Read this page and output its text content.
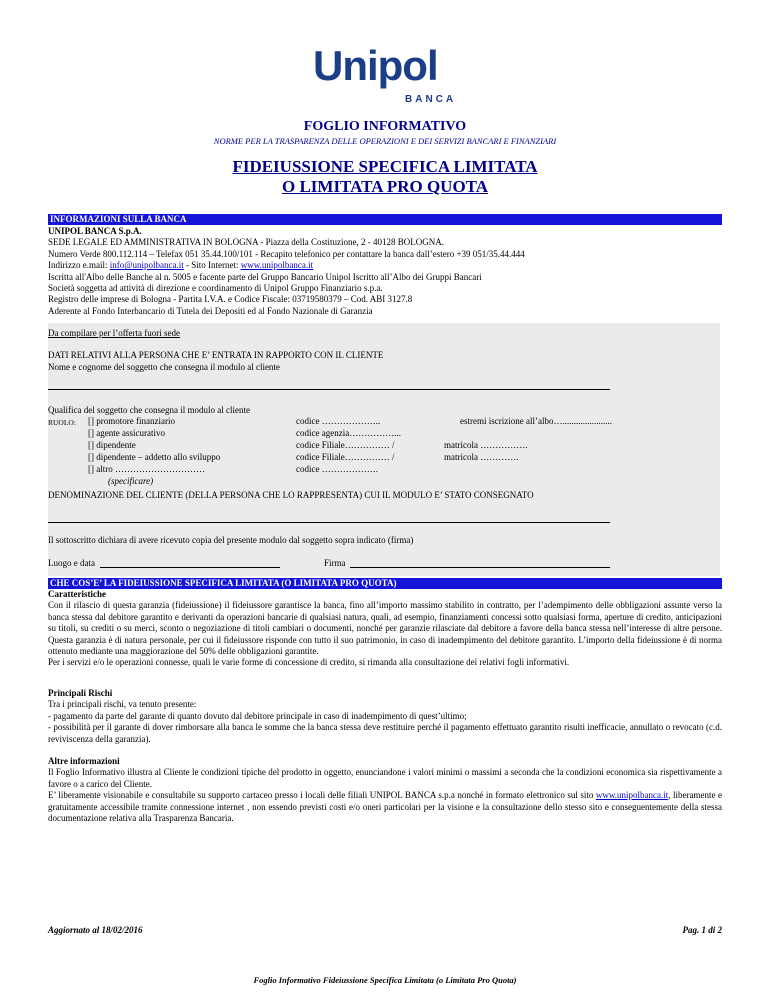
Unipol
BANCA
FOGLIO INFORMATIVO
NORME PER LA TRASPARENZA DELLE OPERAZIONI E DEI SERVIZI BANCARI E FINANZIARI
FIDEIUSSIONE SPECIFICA LIMITATA
O LIMITATA PRO QUOTA
INFORMAZIONI SULLA BANCA

UNIPOL BANCA S.p.A.

SEDE LEGALE ED AMMINISTRATIVA IN BOLOGNA - Piazza della Costituzione, 2 - 40128 BOLOGNA.

Numero Verde 800.112.114 – Telefax 051 35.44.100/101 - Recapito telefonico per contattare la banca dall’estero +39 051/35.44.444

Indirizzo e.mail: info@unipolbanca.it - Sito Internet: www.unipolbanca.it

Iscritta all'Albo delle Banche al n. 5005 e facente parte del Gruppo Bancario Unipol Iscritto all’Albo dei Gruppi Bancari

Società soggetta ad attività di direzione e coordinamento di Unipol Gruppo Finanziario s.p.a.

Registro delle imprese di Bologna - Partita I.V.A. e Codice Fiscale: 03719580379 – Cod. ABI 3127.8

Aderente al Fondo Interbancario di Tutela dei Depositi ed al Fondo Nazionale di Garanzia

Da compilare per l’offerta fuori sede
DATI RELATIVI ALLA PERSONA CHE E’ ENTRATA IN RAPPORTO CON IL CLIENTE
Nome e cognome del soggetto che consegna il modulo al cliente
Qualifica del soggetto che consegna il modulo al cliente
RUOLO: [] promotore finanziario
[] agente assicurativo
[] dipendente
[] dipendente – addetto allo sviluppo
[] altro …………………………
(specificare)
codice ………………..
codice agenzia……………...
codice Filiale…………… /
codice Filiale…………… /
codice ……………….
estremi iscrizione all’albo…......................
matricola …………….
matricola ………….
DENOMINAZIONE DEL CLIENTE (DELLA PERSONA CHE LO RAPPRESENTA) CUI IL MODULO E’ STATO CONSEGNATO
Il sottoscritto dichiara di avere ricevuto copia del presente modulo dal soggetto sopra indicato (firma)
Luogo e data	Firma
CHE COS’E’ LA FIDEIUSSIONE SPECIFICA LIMITATA (O LIMITATA PRO QUOTA)

Caratteristiche

Con il rilascio di questa garanzia (fideiussione) il fideiussore garantisce la banca, fino all’importo massimo stabilito in contratto, per l’adempimento delle obbligazioni assunte verso la banca stessa dal debitore garantito e derivanti da operazioni bancarie di qualsiasi natura, quali, ad esempio, finanziamenti concessi sotto qualsiasi forma, aperture di credito, anticipazioni su titoli, su crediti o su merci, sconto o negoziazione di titoli cambiari o documenti, nonché per garanzie rilasciate dal debitore a favore della banca stessa nell’interesse di altre persone. Questa garanzia è di natura personale, per cui il fideiussore risponde con tutto il suo patrimonio, in caso di inadempimento del debitore garantito. L’importo della fideiussione è di norma ottenuto mediante una maggiorazione del 50% delle obbligazioni garantite.

Per i servizi e/o le operazioni connesse, quali le varie forme di concessione di credito, si rimanda alla consultazione dei relativi fogli informativi.

Principali Rischi

Tra i principali rischi, va tenuto presente:

- pagamento da parte del garante di quanto dovuto dal debitore principale in caso di inadempimento di quest’ultimo;

- possibilità per il garante di dover rimborsare alla banca le somme che la banca stessa deve restituire perché il pagamento effettuato garantito risulti inefficacie, annullato o revocato (c.d. reviviscenza della garanzia).

Altre informazioni

Il Foglio Informativo illustra al Cliente le condizioni tipiche del prodotto in oggetto, enunciandone i valori minimi o massimi a seconda che la condizioni economica sia rispettivamente a favore o a carico del Cliente.

E’ liberamente visionabile e consultabile su supporto cartaceo presso i locali delle filiali UNIPOL BANCA s.p.a nonché in formato elettronico sul sito www.unipolbanca.it, liberamente e gratuitamente accessibile tramite connessione internet , non essendo previsti costi e/o oneri particolari per la visione e la consultazione dello stesso sito e conseguentemente della stessa documentazione relativa alla Trasparenza Bancaria.

Aggiornato al 18/02/2016	Pag. 1 di 2
Foglio Informativo Fideiussione Specifica Limitata (o Limitata Pro Quota)
